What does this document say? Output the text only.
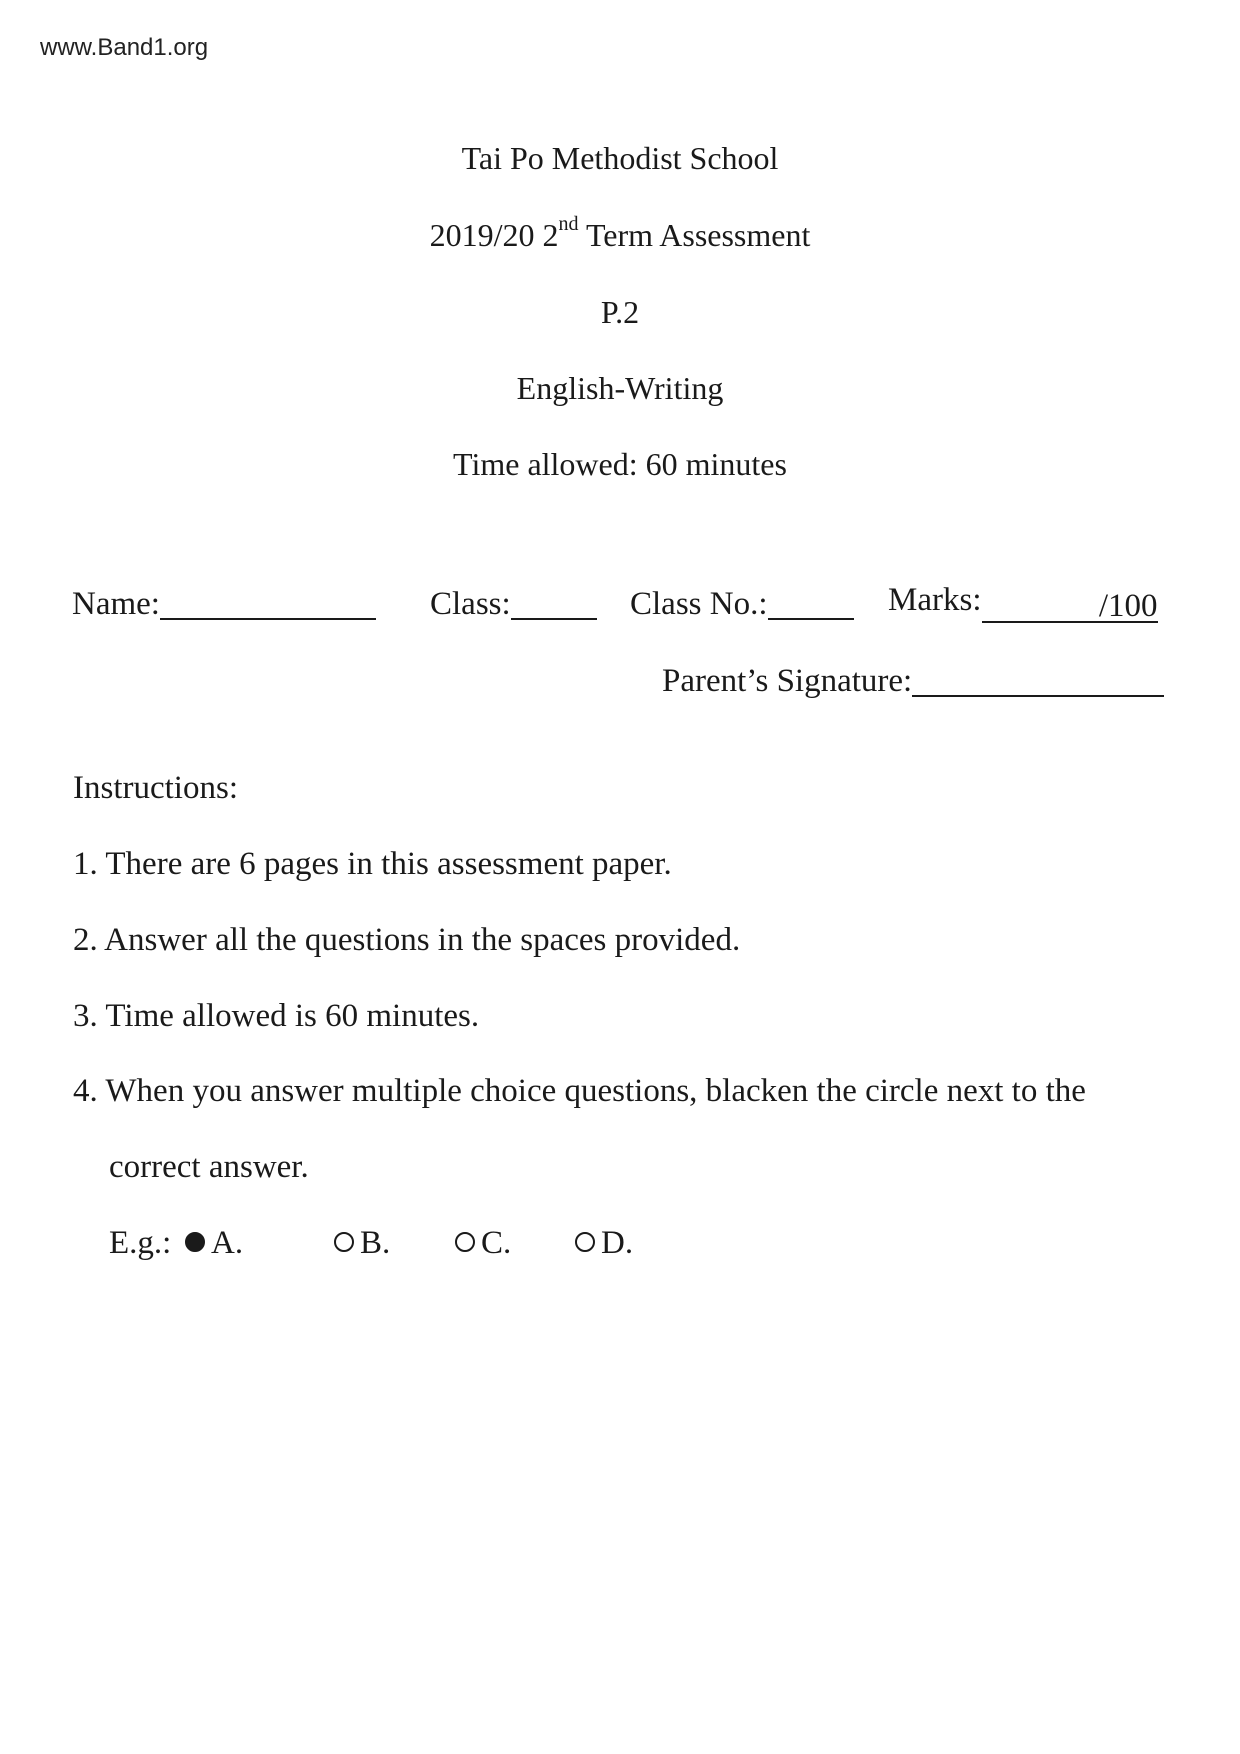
www.Band1.org
Tai Po Methodist School
2019/20 2nd Term Assessment
P.2
English-Writing
Time allowed: 60 minutes
Name:	Class:	Class No.:	Marks:	/100
Parent’s Signature:
Instructions:
1. There are 6 pages in this assessment paper.
2. Answer all the questions in the spaces provided.
3. Time allowed is 60 minutes.
4. When you answer multiple choice questions, blacken the circle next to the
correct answer.
E.g.:	A.	B.	C.	D.
